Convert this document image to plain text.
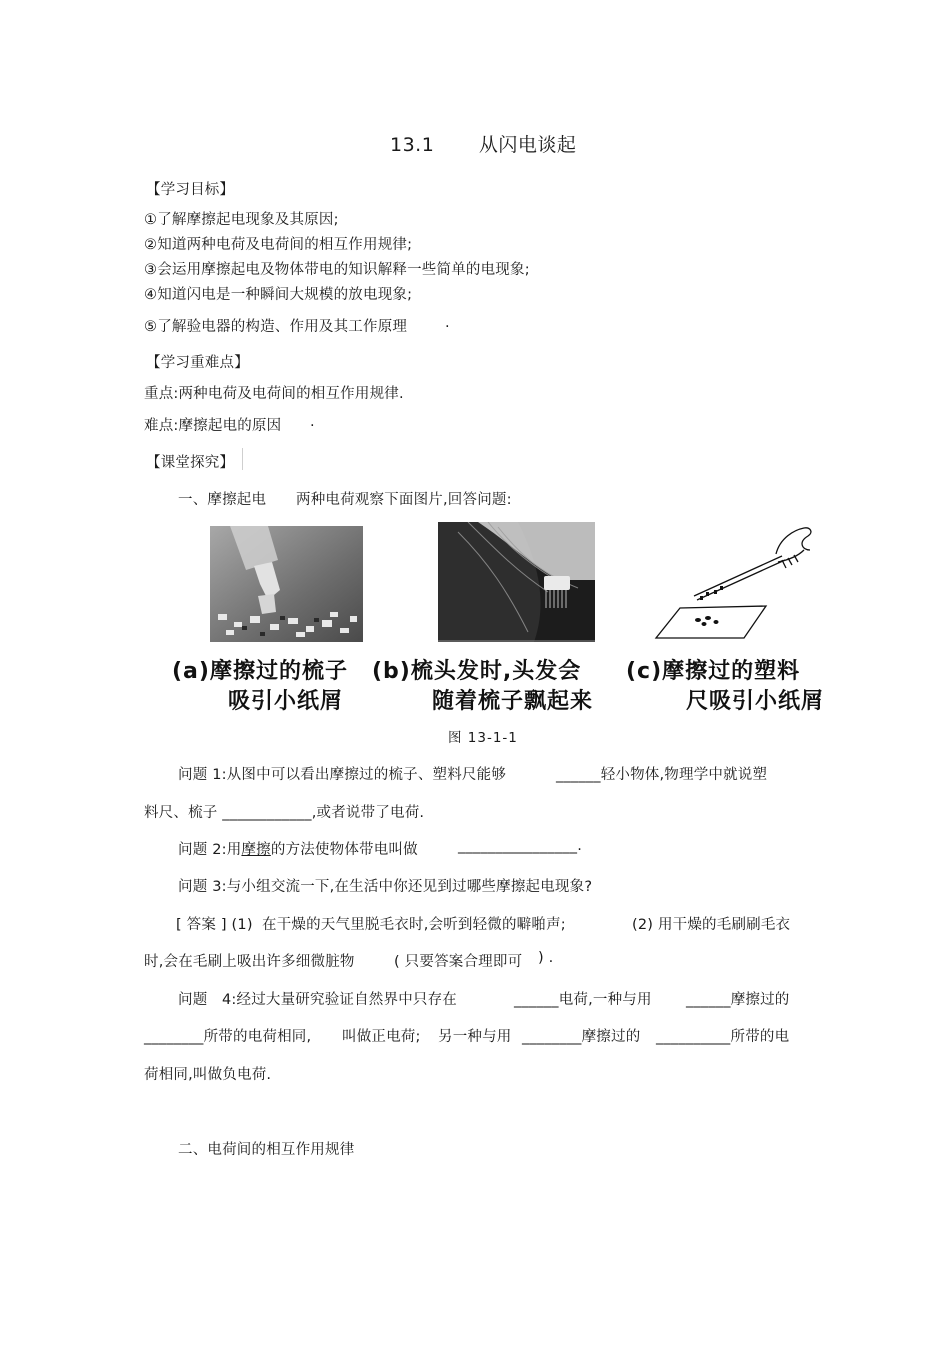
13.1 从闪电谈起
【学习目标】
①了解摩擦起电现象及其原因;
②知道两种电荷及电荷间的相互作用规律;
③会运用摩擦起电及物体带电的知识解释一些简单的电现象;
④知道闪电是一种瞬间大规模的放电现象;
⑤了解验电器的构造、作用及其工作原理	.
【学习重难点】
重点:两种电荷及电荷间的相互作用规律.
难点:摩擦起电的原因 .
【课堂探究】
一、摩擦起电 两种电荷观察下面图片,回答问题:
(a)摩擦过的梳子
吸引小纸屑
(b)梳头发时,头发会
随着梳子飘起来
(c)摩擦过的塑料
尺吸引小纸屑
图 13-1-1
问题 1:从图中可以看出摩擦过的梳子、塑料尺能够	______轻小物体,物理学中就说塑
料尺、梳子 ____________,或者说带了电荷.
问题 2:用摩擦的方法使物体带电叫做	________________.
问题 3:与小组交流一下,在生活中你还见到过哪些摩擦起电现象?
[ 答案 ] (1) 在干燥的天气里脱毛衣时,会听到轻微的噼啪声;	(2) 用干燥的毛刷刷毛衣
时,会在毛刷上吸出许多细微脏物	( 只要答案合理即可 ) .
问题 4:经过大量研究验证自然界中只存在	______电荷,一种与用 ______摩擦过的
________所带的电荷相同, 叫做正电荷; 另一种与用 ________摩擦过的 __________所带的电
荷相同,叫做负电荷.
二、电荷间的相互作用规律
